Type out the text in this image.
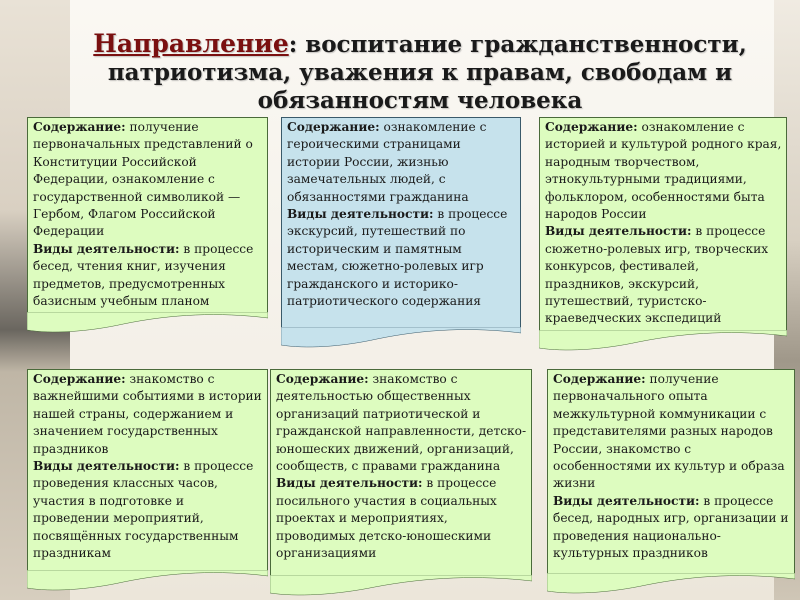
Направление: воспитание гражданственности, патриотизма, уважения к правам, свободам и обязанностям человека
Содержание: получение первоначальных представлений о Конституции Российской Федерации, ознакомление с государственной символикой — Гербом, Флагом Российской Федерации
Виды деятельности: в процессе бесед, чтения книг, изучения предметов, предусмотренных базисным учебным планом
Содержание: ознакомление с героическими страницами истории России, жизнью замечательных людей, с обязанностями гражданина
Виды деятельности: в процессе экскурсий, путешествий по историческим и памятным местам, сюжетно-ролевых игр гражданского и историко-патриотического содержания
Содержание: ознакомление с историей и культурой родного края, народным творчеством, этнокультурными традициями, фольклором, особенностями быта народов России
Виды деятельности: в процессе сюжетно-ролевых игр, творческих конкурсов, фестивалей, праздников, экскурсий, путешествий, туристско-краеведческих экспедиций
Содержание: знакомство с важнейшими событиями в истории нашей страны, содержанием и значением государственных праздников
Виды деятельности: в процессе проведения классных часов, участия в подготовке и проведении мероприятий, посвящённых государственным праздникам
Содержание: знакомство с деятельностью общественных организаций патриотической и гражданской направленности, детско-юношеских движений, организаций, сообществ, с правами гражданина
Виды деятельности: в процессе посильного участия в социальных проектах и мероприятиях, проводимых детско-юношескими организациями
Содержание: получение первоначального опыта межкультурной коммуникации с представителями разных народов России, знакомство с особенностями их культур и образа жизни
Виды деятельности: в процессе бесед, народных игр, организации и проведения национально-культурных праздников
